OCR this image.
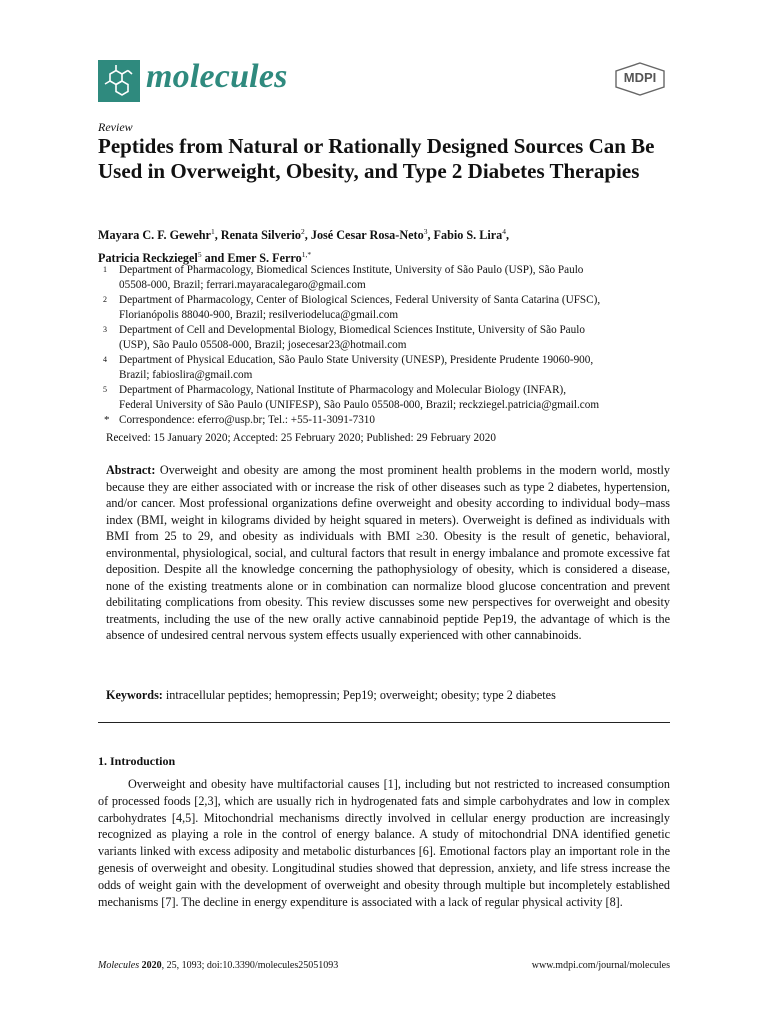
molecules	MDPI
Review
Peptides from Natural or Rationally Designed Sources Can Be Used in Overweight, Obesity, and Type 2 Diabetes Therapies
Mayara C. F. Gewehr$^1$, Renata Silverio$^2$, José Cesar Rosa-Neto$^3$, Fabio S. Lira$^4$,
Patricia Reckziegel$^5$ and Emer S. Ferro$^{1,*}$
1 Department of Pharmacology, Biomedical Sciences Institute, University of São Paulo (USP), São Paulo
05508-000, Brazil; ferrari.mayaracalegaro@gmail.com
2 Department of Pharmacology, Center of Biological Sciences, Federal University of Santa Catarina (UFSC),
Florianópolis 88040-900, Brazil; resilveriodeluca@gmail.com
3 Department of Cell and Developmental Biology, Biomedical Sciences Institute, University of São Paulo
(USP), São Paulo 05508-000, Brazil; josecesar23@hotmail.com
4 Department of Physical Education, São Paulo State University (UNESP), Presidente Prudente 19060-900,
Brazil; fabioslira@gmail.com
5 Department of Pharmacology, National Institute of Pharmacology and Molecular Biology (INFAR),
Federal University of São Paulo (UNIFESP), São Paulo 05508-000, Brazil; reckziegel.patricia@gmail.com
* Correspondence: eferro@usp.br; Tel.: +55-11-3091-7310
Received: 15 January 2020; Accepted: 25 February 2020; Published: 29 February 2020
Abstract: Overweight and obesity are among the most prominent health problems in the modern world, mostly because they are either associated with or increase the risk of other diseases such as type 2 diabetes, hypertension, and/or cancer. Most professional organizations define overweight and obesity according to individual body–mass index (BMI, weight in kilograms divided by height squared in meters). Overweight is defined as individuals with BMI from 25 to 29, and obesity as individuals with BMI ≥30. Obesity is the result of genetic, behavioral, environmental, physiological, social, and cultural factors that result in energy imbalance and promote excessive fat deposition. Despite all the knowledge concerning the pathophysiology of obesity, which is considered a disease, none of the existing treatments alone or in combination can normalize blood glucose concentration and prevent debilitating complications from obesity. This review discusses some new perspectives for overweight and obesity treatments, including the use of the new orally active cannabinoid peptide Pep19, the advantage of which is the absence of undesired central nervous system effects usually experienced with other cannabinoids.
Keywords: intracellular peptides; hemopressin; Pep19; overweight; obesity; type 2 diabetes
1. Introduction
Overweight and obesity have multifactorial causes [1], including but not restricted to increased consumption of processed foods [2,3], which are usually rich in hydrogenated fats and simple carbohydrates and low in complex carbohydrates [4,5]. Mitochondrial mechanisms directly involved in cellular energy production are increasingly recognized as playing a role in the control of energy balance. A study of mitochondrial DNA identified genetic variants linked with excess adiposity and metabolic disturbances [6]. Emotional factors play an important role in the genesis of overweight and obesity. Longitudinal studies showed that depression, anxiety, and life stress increase the odds of weight gain with the development of overweight and obesity through multiple but incompletely established mechanisms [7]. The decline in energy expenditure is associated with a lack of regular physical activity [8].
Molecules 2020, 25, 1093; doi:10.3390/molecules25051093	www.mdpi.com/journal/molecules
